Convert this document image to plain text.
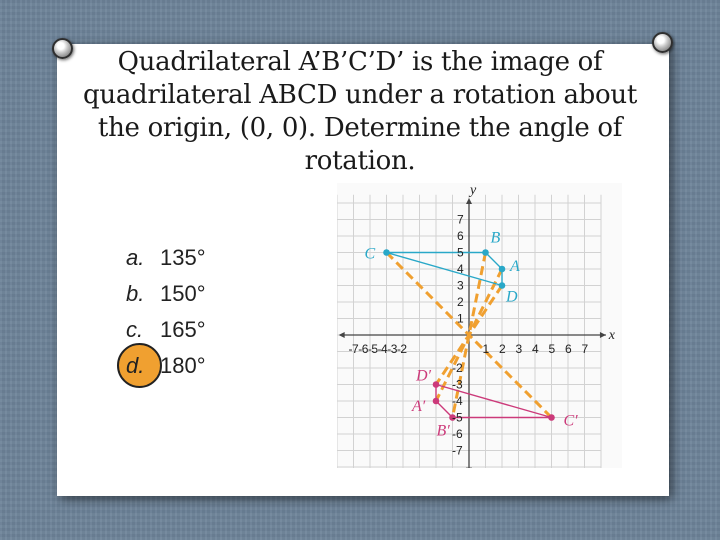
Quadrilateral A’B’C’D’ is the image of
quadrilateral ABCD under a rotation about
the origin, (0, 0). Determine the angle of
rotation.
a. 135°
b. 150°
c. 165°
d. 180°
x
y
-7-6-5-4-3-2	1 2 3 4 5 6 7
7
6
5
4
3
2
1
-2
-3
-4
-5
-6
-7
A
B
C
D
A′
B′
C′
D′
